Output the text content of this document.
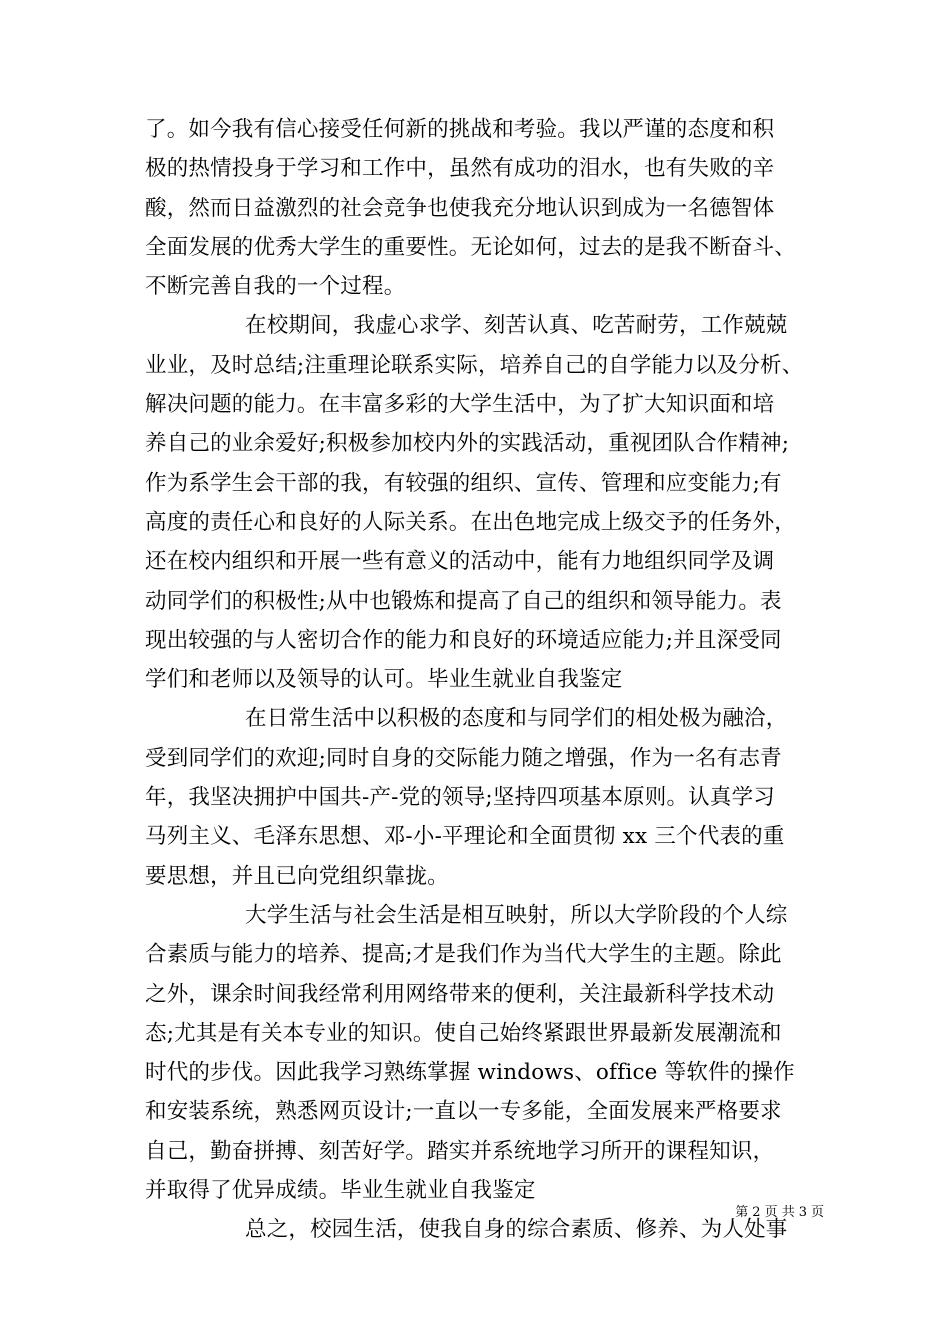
了。如今我有信心接受任何新的挑战和考验。我以严谨的态度和积
极的热情投身于学习和工作中，虽然有成功的泪水，也有失败的辛
酸，然而日益激烈的社会竞争也使我充分地认识到成为一名德智体
全面发展的优秀大学生的重要性。无论如何，过去的是我不断奋斗、
不断完善自我的一个过程。
在校期间，我虚心求学、刻苦认真、吃苦耐劳，工作兢兢
业业，及时总结;注重理论联系实际，培养自己的自学能力以及分析、
解决问题的能力。在丰富多彩的大学生活中，为了扩大知识面和培
养自己的业余爱好;积极参加校内外的实践活动，重视团队合作精神;
作为系学生会干部的我，有较强的组织、宣传、管理和应变能力;有
高度的责任心和良好的人际关系。在出色地完成上级交予的任务外，
还在校内组织和开展一些有意义的活动中，能有力地组织同学及调
动同学们的积极性;从中也锻炼和提高了自己的组织和领导能力。表
现出较强的与人密切合作的能力和良好的环境适应能力;并且深受同
学们和老师以及领导的认可。毕业生就业自我鉴定
在日常生活中以积极的态度和与同学们的相处极为融洽，
受到同学们的欢迎;同时自身的交际能力随之增强，作为一名有志青
年，我坚决拥护中国共-产-党的领导;坚持四项基本原则。认真学习
马列主义、毛泽东思想、邓-小-平理论和全面贯彻 xx 三个代表的重
要思想，并且已向党组织靠拢。
大学生活与社会生活是相互映射，所以大学阶段的个人综
合素质与能力的培养、提高;才是我们作为当代大学生的主题。除此
之外，课余时间我经常利用网络带来的便利，关注最新科学技术动
态;尤其是有关本专业的知识。使自己始终紧跟世界最新发展潮流和
时代的步伐。因此我学习熟练掌握 windows、office 等软件的操作
和安装系统，熟悉网页设计;一直以一专多能，全面发展来严格要求
自己，勤奋拼搏、刻苦好学。踏实并系统地学习所开的课程知识，
并取得了优异成绩。毕业生就业自我鉴定
总之，校园生活，使我自身的综合素质、修养、为人处事
第 2 页 共 3 页
